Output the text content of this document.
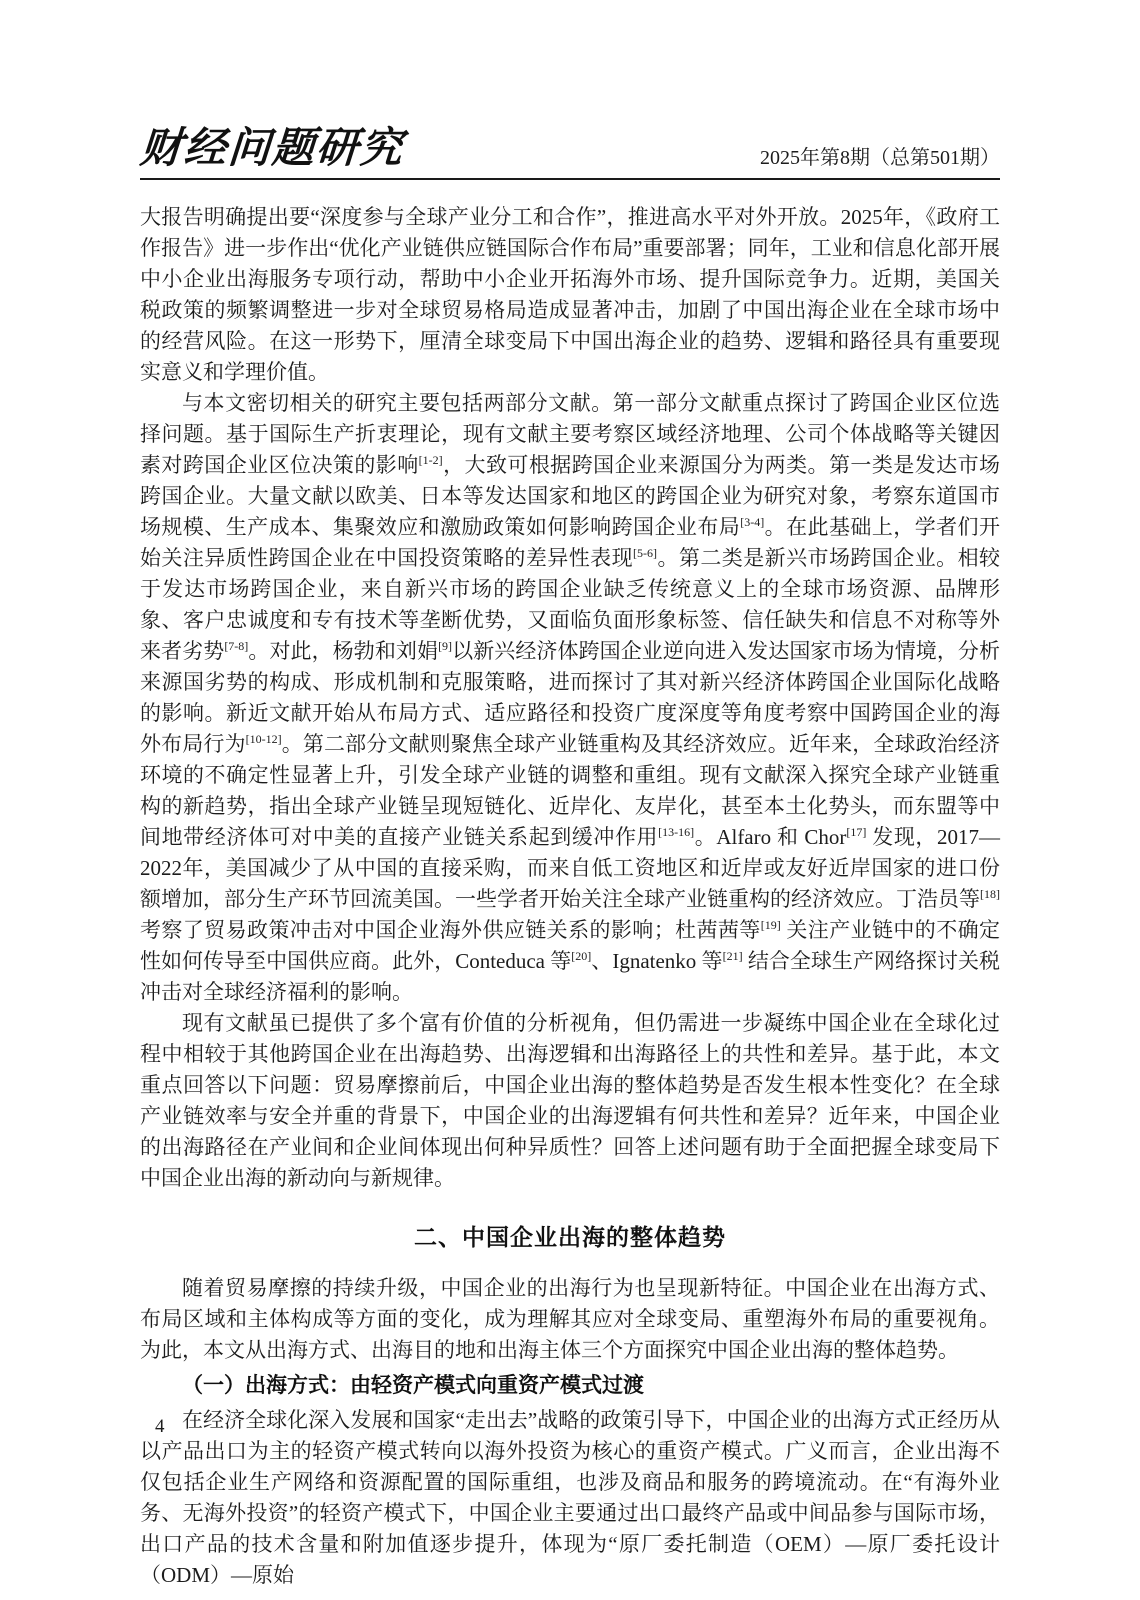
财经问题研究	2025年第8期（总第501期）

大报告明确提出要“深度参与全球产业分工和合作”，推进高水平对外开放。2025年，《政府工作报告》进一步作出“优化产业链供应链国际合作布局”重要部署；同年，工业和信息化部开展中小企业出海服务专项行动，帮助中小企业开拓海外市场、提升国际竞争力。近期，美国关税政策的频繁调整进一步对全球贸易格局造成显著冲击，加剧了中国出海企业在全球市场中的经营风险。在这一形势下，厘清全球变局下中国出海企业的趋势、逻辑和路径具有重要现实意义和学理价值。

与本文密切相关的研究主要包括两部分文献。第一部分文献重点探讨了跨国企业区位选择问题。基于国际生产折衷理论，现有文献主要考察区域经济地理、公司个体战略等关键因素对跨国企业区位决策的影响[1-2]，大致可根据跨国企业来源国分为两类。第一类是发达市场跨国企业。大量文献以欧美、日本等发达国家和地区的跨国企业为研究对象，考察东道国市场规模、生产成本、集聚效应和激励政策如何影响跨国企业布局[3-4]。在此基础上，学者们开始关注异质性跨国企业在中国投资策略的差异性表现[5-6]。第二类是新兴市场跨国企业。相较于发达市场跨国企业，来自新兴市场的跨国企业缺乏传统意义上的全球市场资源、品牌形象、客户忠诚度和专有技术等垄断优势，又面临负面形象标签、信任缺失和信息不对称等外来者劣势[7-8]。对此，杨勃和刘娟[9]以新兴经济体跨国企业逆向进入发达国家市场为情境，分析来源国劣势的构成、形成机制和克服策略，进而探讨了其对新兴经济体跨国企业国际化战略的影响。新近文献开始从布局方式、适应路径和投资广度深度等角度考察中国跨国企业的海外布局行为[10-12]。第二部分文献则聚焦全球产业链重构及其经济效应。近年来，全球政治经济环境的不确定性显著上升，引发全球产业链的调整和重组。现有文献深入探究全球产业链重构的新趋势，指出全球产业链呈现短链化、近岸化、友岸化，甚至本土化势头，而东盟等中间地带经济体可对中美的直接产业链关系起到缓冲作用[13-16]。Alfaro 和 Chor[17] 发现，2017—2022年，美国减少了从中国的直接采购，而来自低工资地区和近岸或友好近岸国家的进口份额增加，部分生产环节回流美国。一些学者开始关注全球产业链重构的经济效应。丁浩员等[18] 考察了贸易政策冲击对中国企业海外供应链关系的影响；杜茜茜等[19] 关注产业链中的不确定性如何传导至中国供应商。此外，Conteduca 等[20]、Ignatenko 等[21] 结合全球生产网络探讨关税冲击对全球经济福利的影响。

现有文献虽已提供了多个富有价值的分析视角，但仍需进一步凝练中国企业在全球化过程中相较于其他跨国企业在出海趋势、出海逻辑和出海路径上的共性和差异。基于此，本文重点回答以下问题：贸易摩擦前后，中国企业出海的整体趋势是否发生根本性变化？在全球产业链效率与安全并重的背景下，中国企业的出海逻辑有何共性和差异？近年来，中国企业的出海路径在产业间和企业间体现出何种异质性？回答上述问题有助于全面把握全球变局下中国企业出海的新动向与新规律。

二、中国企业出海的整体趋势

随着贸易摩擦的持续升级，中国企业的出海行为也呈现新特征。中国企业在出海方式、布局区域和主体构成等方面的变化，成为理解其应对全球变局、重塑海外布局的重要视角。为此，本文从出海方式、出海目的地和出海主体三个方面探究中国企业出海的整体趋势。

（一）出海方式：由轻资产模式向重资产模式过渡

在经济全球化深入发展和国家“走出去”战略的政策引导下，中国企业的出海方式正经历从以产品出口为主的轻资产模式转向以海外投资为核心的重资产模式。广义而言，企业出海不仅包括企业生产网络和资源配置的国际重组，也涉及商品和服务的跨境流动。在“有海外业务、无海外投资”的轻资产模式下，中国企业主要通过出口最终产品或中间品参与国际市场，出口产品的技术含量和附加值逐步提升，体现为“原厂委托制造（OEM）—原厂委托设计（ODM）—原始

4
